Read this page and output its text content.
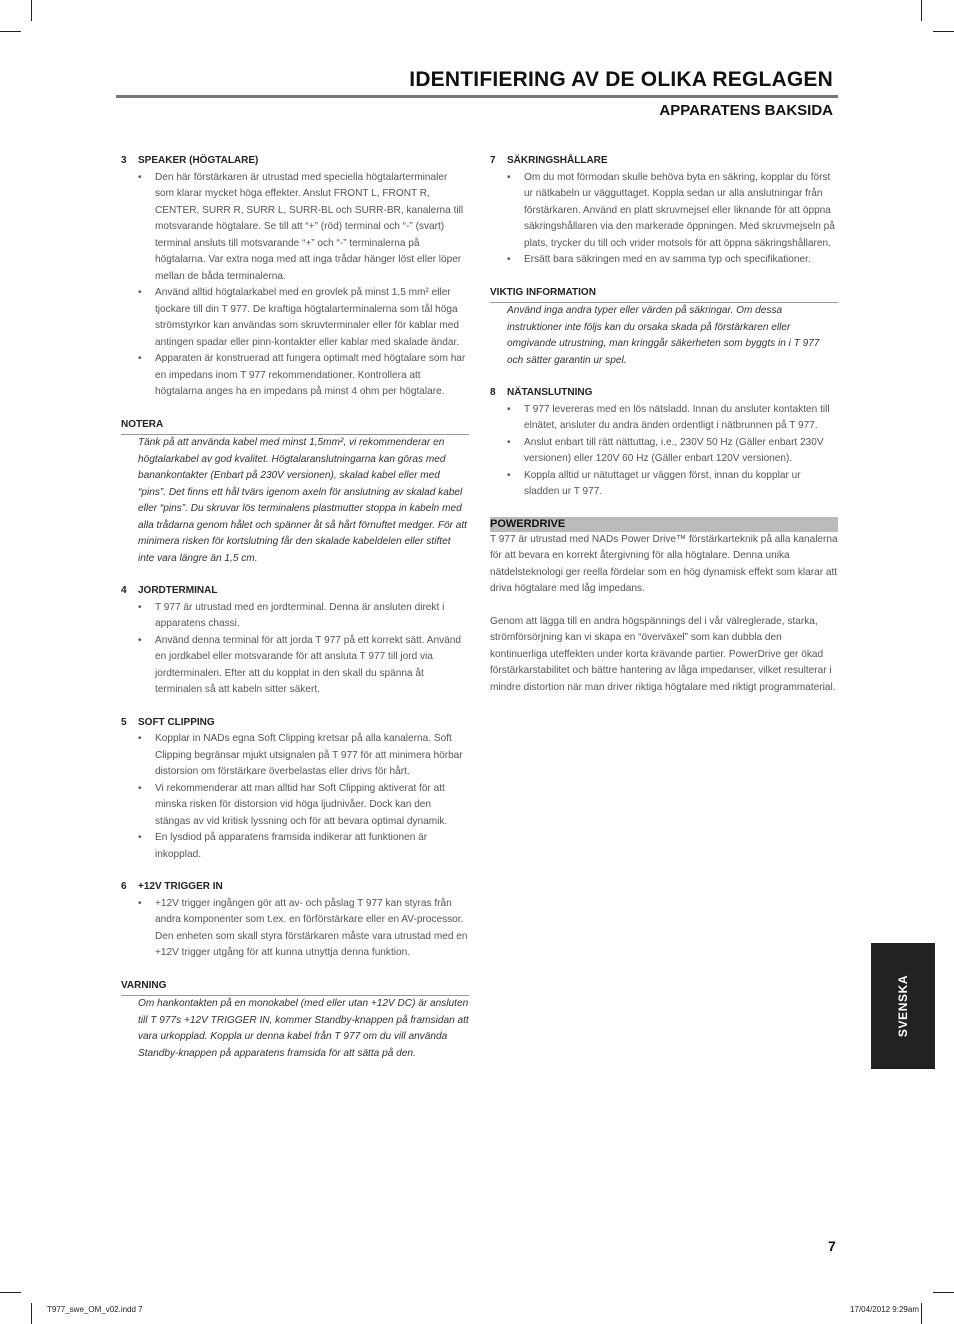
IDENTIFIERING AV DE OLIKA REGLAGEN
APPARATENS BAKSIDA

3 SPEAKER (HÖGTALARE)

• Den här förstärkaren är utrustad med speciella högtalarterminaler som klarar mycket höga effekter. Anslut FRONT L, FRONT R, CENTER, SURR R, SURR L, SURR-BL och SURR-BR, kanalerna till motsvarande högtalare. Se till att “+” (röd) terminal och “-” (svart) terminal ansluts till motsvarande “+” och “-” terminalerna på högtalarna. Var extra noga med att inga trådar hänger löst eller löper mellan de båda terminalerna.
• Använd alltid högtalarkabel med en grovlek på minst 1,5 mm² eller tjockare till din T 977. De kraftiga högtalarterminalerna som tål höga strömstyrkor kan användas som skruvterminaler eller för kablar med antingen spadar eller pinn-kontakter eller kablar med skalade ändar.
• Apparaten är konstruerad att fungera optimalt med högtalare som har en impedans inom T 977 rekommendationer. Kontrollera att högtalarna anges ha en impedans på minst 4 ohm per högtalare.

NOTERA

Tänk på att använda kabel med minst 1,5mm², vi rekommenderar en högtalarkabel av god kvalitet. Högtalaranslutningarna kan göras med banankontakter (Enbart på 230V versionen), skalad kabel eller med “pins”. Det finns ett hål tvärs igenom axeln för anslutning av skalad kabel eller “pins”. Du skruvar lös terminalens plastmutter stoppa in kabeln med alla trådarna genom hålet och spänner åt så hårt förnuftet medger. För att minimera risken för kortslutning får den skalade kabeldelen eller stiftet inte vara längre än 1,5 cm.

4 JORDTERMINAL

• T 977 är utrustad med en jordterminal. Denna är ansluten direkt i apparatens chassi.
• Använd denna terminal för att jorda T 977 på ett korrekt sätt. Använd en jordkabel eller motsvarande för att ansluta T 977 till jord via jordterminalen. Efter att du kopplat in den skall du spänna åt terminalen så att kabeln sitter säkert.

5 SOFT CLIPPING

• Kopplar in NADs egna Soft Clipping kretsar på alla kanalerna. Soft Clipping begränsar mjukt utsignalen på T 977 för att minimera hörbar distorsion om förstärkare överbelastas eller drivs för hårt.
• Vi rekommenderar att man alltid har Soft Clipping aktiverat för att minska risken för distorsion vid höga ljudnivåer. Dock kan den stängas av vid kritisk lyssning och för att bevara optimal dynamik.
• En lysdiod på apparatens framsida indikerar att funktionen är inkopplad.

6 +12V TRIGGER IN

• +12V trigger ingången gör att av- och påslag T 977 kan styras från andra komponenter som t.ex. en förförstärkare eller en AV-processor. Den enheten som skall styra förstärkaren måste vara utrustad med en +12V trigger utgång för att kunna utnyttja denna funktion.

VARNING

Om hankontakten på en monokabel (med eller utan +12V DC) är ansluten till T 977s +12V TRIGGER IN, kommer Standby-knappen på framsidan att vara urkopplad. Koppla ur denna kabel från T 977 om du vill använda Standby-knappen på apparatens framsida för att sätta på den.

7 SÄKRINGSHÅLLARE

• Om du mot förmodan skulle behöva byta en säkring, kopplar du först ur nätkabeln ur vägguttaget. Koppla sedan ur alla anslutningar från förstärkaren. Använd en platt skruvmejsel eller liknande för att öppna säkringshållaren via den markerade öppningen. Med skruvmejseln på plats, trycker du till och vrider motsols för att öppna säkringshållaren.
• Ersätt bara säkringen med en av samma typ och specifikationer.

VIKTIG INFORMATION

Använd inga andra typer eller värden på säkringar. Om dessa instruktioner inte följs kan du orsaka skada på förstärkaren eller omgivande utrustning, man kringgår säkerheten som byggts in i T 977 och sätter garantin ur spel.

8 NÄTANSLUTNING

• T 977 levereras med en lös nätsladd. Innan du ansluter kontakten till elnätet, ansluter du andra änden ordentligt i nätbrunnen på T 977.
• Anslut enbart till rätt nättuttag, i.e., 230V 50 Hz (Gäller enbart 230V versionen) eller 120V 60 Hz (Gäller enbart 120V versionen).
• Koppla alltid ur nätuttaget ur väggen först, innan du kopplar ur sladden ur T 977.

POWERDRIVE

T 977 är utrustad med NADs Power Drive™ förstärkarteknik på alla kanalerna för att bevara en korrekt återgivning för alla högtalare. Denna unika nätdelsteknologi ger reella fördelar som en hög dynamisk effekt som klarar att driva högtalare med låg impedans.

Genom att lägga till en andra högspännings del i vår välreglerade, starka, strömförsörjning kan vi skapa en “överväxel” som kan dubbla den kontinuerliga uteffekten under korta krävande partier. PowerDrive ger ökad förstärkarstabilitet och bättre hantering av låga impedanser, vilket resulterar i mindre distortion när man driver riktiga högtalare med riktigt programmaterial.

SVENSKA
7
T977_swe_OM_v02.indd 7	17/04/2012 9:29am
